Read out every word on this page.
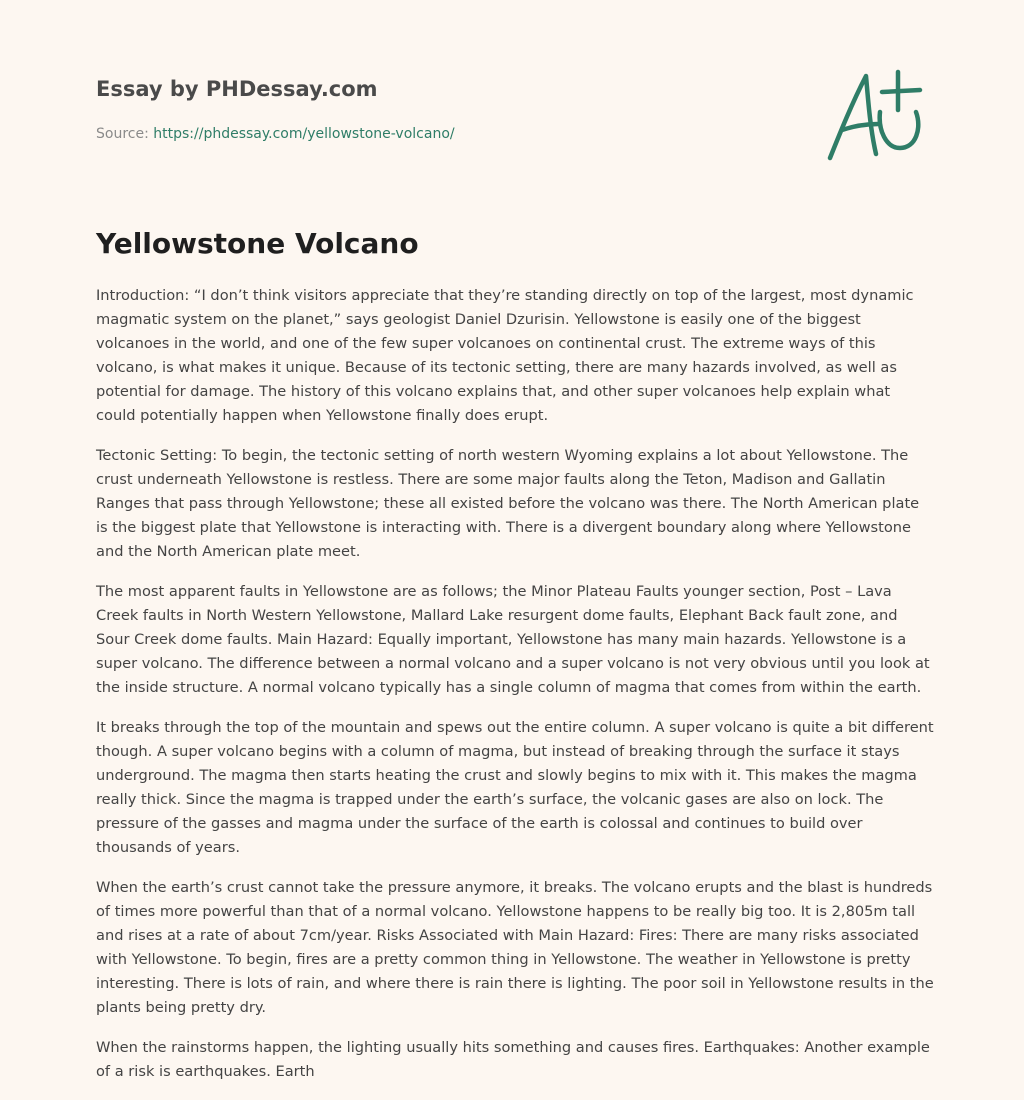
Essay by PHDessay.com

Source: https://phdessay.com/yellowstone-volcano/
Yellowstone Volcano

Introduction: “I don’t think visitors appreciate that they’re standing directly on top of the largest, most dynamic magmatic system on the planet,” says geologist Daniel Dzurisin. Yellowstone is easily one of the biggest volcanoes in the world, and one of the few super volcanoes on continental crust. The extreme ways of this volcano, is what makes it unique. Because of its tectonic setting, there are many hazards involved, as well as potential for damage. The history of this volcano explains that, and other super volcanoes help explain what could potentially happen when Yellowstone finally does erupt.

Tectonic Setting: To begin, the tectonic setting of north western Wyoming explains a lot about Yellowstone. The crust underneath Yellowstone is restless. There are some major faults along the Teton, Madison and Gallatin Ranges that pass through Yellowstone; these all existed before the volcano was there. The North American plate is the biggest plate that Yellowstone is interacting with. There is a divergent boundary along where Yellowstone and the North American plate meet.

The most apparent faults in Yellowstone are as follows; the Minor Plateau Faults younger section, Post – Lava Creek faults in North Western Yellowstone, Mallard Lake resurgent dome faults, Elephant Back fault zone, and Sour Creek dome faults. Main Hazard: Equally important, Yellowstone has many main hazards. Yellowstone is a super volcano. The difference between a normal volcano and a super volcano is not very obvious until you look at the inside structure. A normal volcano typically has a single column of magma that comes from within the earth.

It breaks through the top of the mountain and spews out the entire column. A super volcano is quite a bit different though. A super volcano begins with a column of magma, but instead of breaking through the surface it stays underground. The magma then starts heating the crust and slowly begins to mix with it. This makes the magma really thick. Since the magma is trapped under the earth’s surface, the volcanic gases are also on lock. The pressure of the gasses and magma under the surface of the earth is colossal and continues to build over thousands of years.

When the earth’s crust cannot take the pressure anymore, it breaks. The volcano erupts and the blast is hundreds of times more powerful than that of a normal volcano. Yellowstone happens to be really big too. It is 2,805m tall and rises at a rate of about 7cm/year. Risks Associated with Main Hazard: Fires: There are many risks associated with Yellowstone. To begin, fires are a pretty common thing in Yellowstone. The weather in Yellowstone is pretty interesting. There is lots of rain, and where there is rain there is lighting. The poor soil in Yellowstone results in the plants being pretty dry.

When the rainstorms happen, the lighting usually hits something and causes fires. Earthquakes: Another example of a risk is earthquakes. Earth
